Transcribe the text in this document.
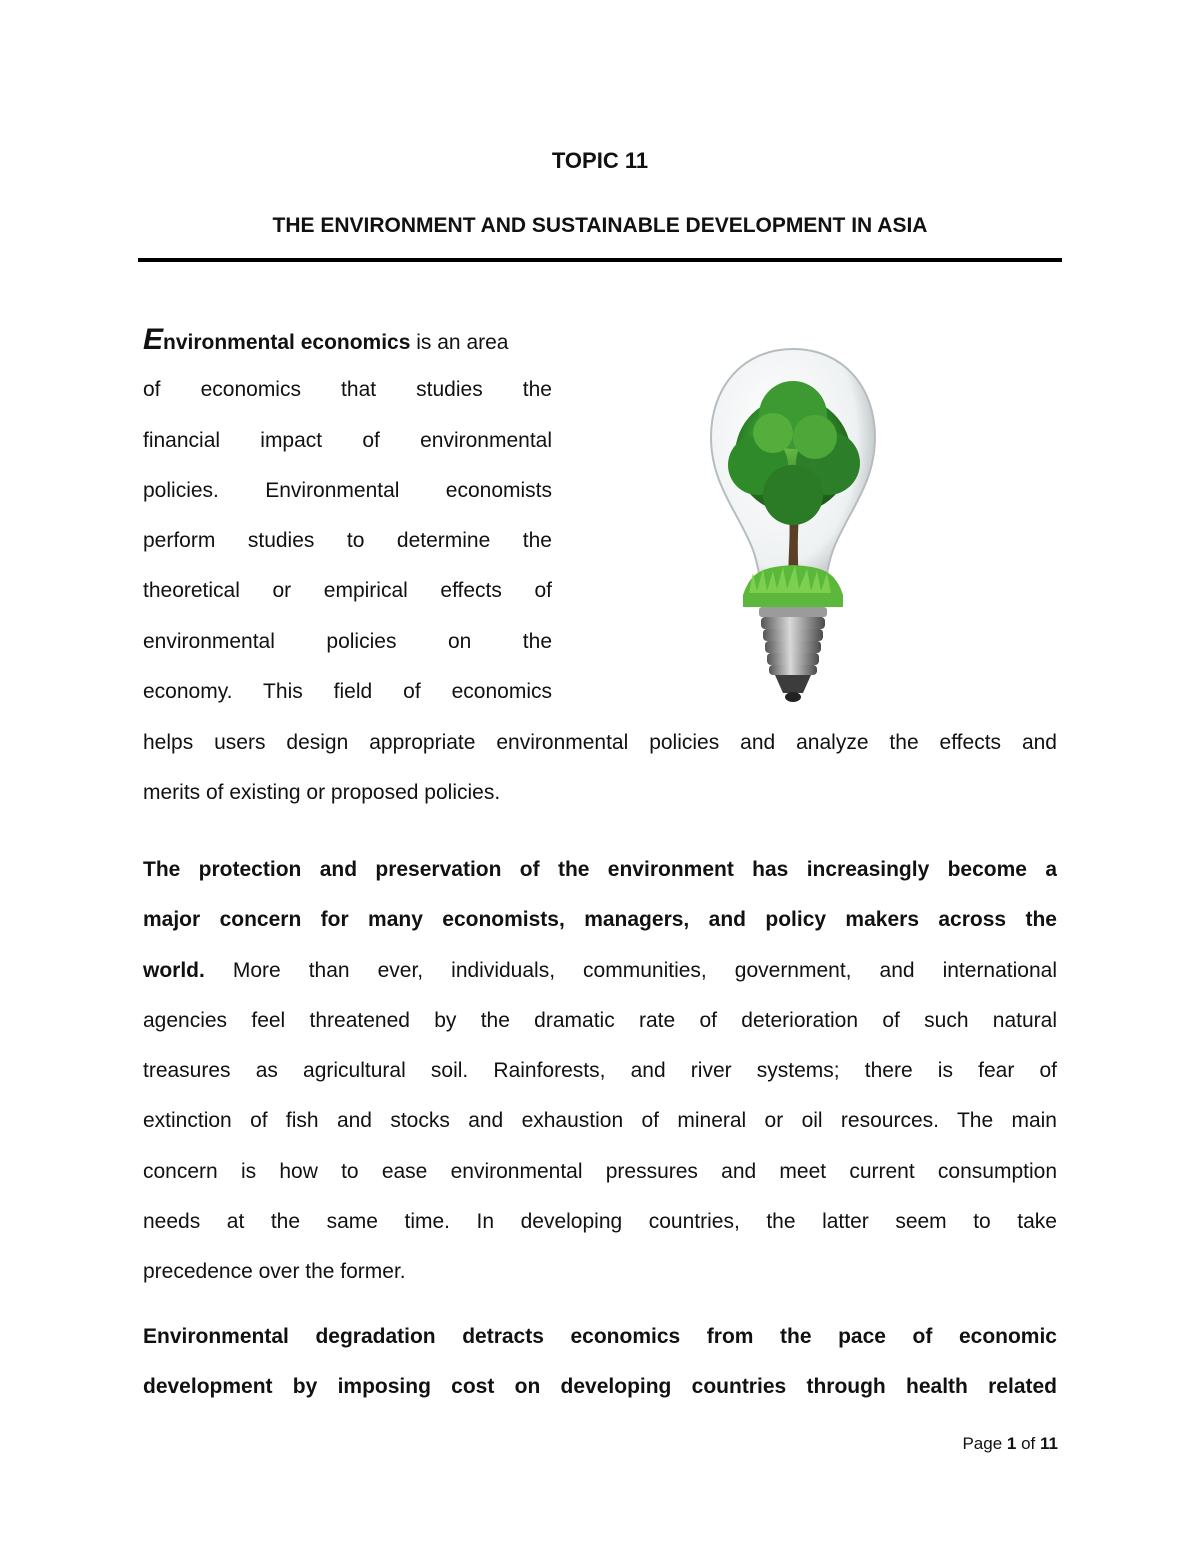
TOPIC 11
THE ENVIRONMENT AND SUSTAINABLE DEVELOPMENT IN ASIA
Environmental economics is an area
of economics that studies the
financial impact of environmental
policies. Environmental economists
perform studies to determine the
theoretical or empirical effects of
environmental policies on the
economy. This field of economics
helps users design appropriate environmental policies and analyze the effects and
merits of existing or proposed policies.
The protection and preservation of the environment has increasingly become a
major concern for many economists, managers, and policy makers across the
world. More than ever, individuals, communities, government, and international
agencies feel threatened by the dramatic rate of deterioration of such natural
treasures as agricultural soil. Rainforests, and river systems; there is fear of
extinction of fish and stocks and exhaustion of mineral or oil resources. The main
concern is how to ease environmental pressures and meet current consumption
needs at the same time. In developing countries, the latter seem to take
precedence over the former.
Environmental degradation detracts economics from the pace of economic
development by imposing cost on developing countries through health related
Page 1 of 11
